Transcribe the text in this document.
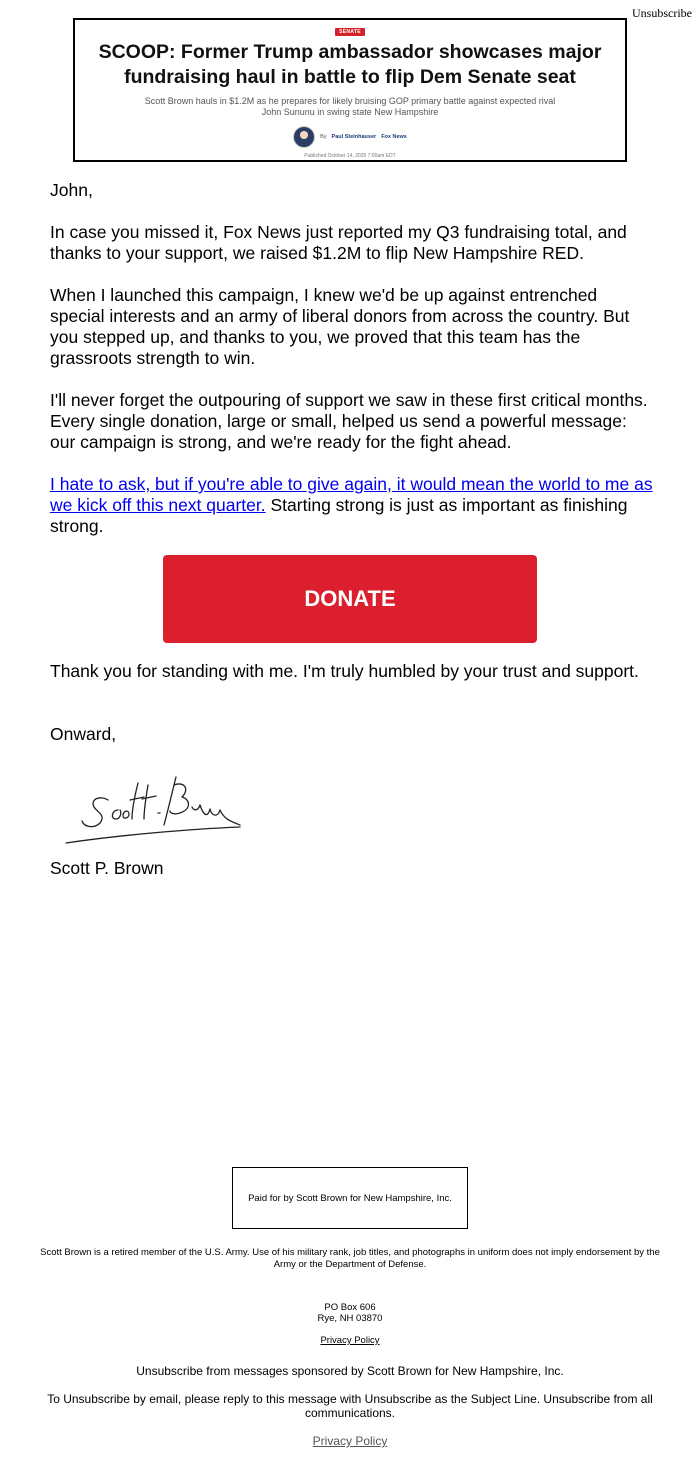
Unsubscribe
SENATE
SCOOP: Former Trump ambassador showcases major fundraising haul in battle to flip Dem Senate seat
Scott Brown hauls in $1.2M as he prepares for likely bruising GOP primary battle against expected rival John Sununu in swing state New Hampshire
By Paul Steinhauser Fox News
Published October 14, 2025 7:00am EDT

John,

In case you missed it, Fox News just reported my Q3 fundraising total, and thanks to your support, we raised $1.2M to flip New Hampshire RED.

When I launched this campaign, I knew we'd be up against entrenched special interests and an army of liberal donors from across the country. But you stepped up, and thanks to you, we proved that this team has the grassroots strength to win.

I'll never forget the outpouring of support we saw in these first critical months. Every single donation, large or small, helped us send a powerful message: our campaign is strong, and we're ready for the fight ahead.

I hate to ask, but if you're able to give again, it would mean the world to me as we kick off this next quarter. Starting strong is just as important as finishing strong.

DONATE

Thank you for standing with me. I'm truly humbled by your trust and support.

Onward,

Scott P. Brown

Paid for by Scott Brown for New Hampshire, Inc.

Scott Brown is a retired member of the U.S. Army. Use of his military rank, job titles, and photographs in uniform does not imply endorsement by the Army or the Department of Defense.

PO Box 606

Rye, NH 03870

Privacy Policy

Unsubscribe from messages sponsored by Scott Brown for New Hampshire, Inc.

To Unsubscribe by email, please reply to this message with Unsubscribe as the Subject Line. Unsubscribe from all communications.

Privacy Policy
